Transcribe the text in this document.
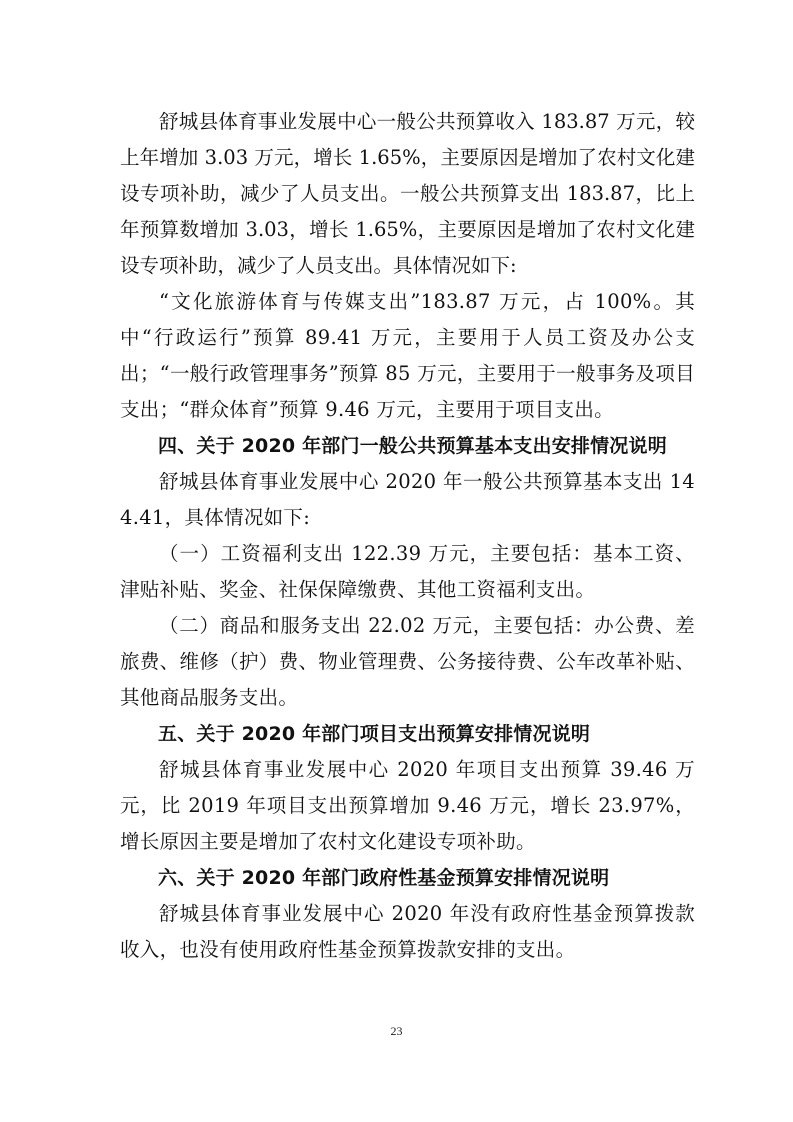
舒城县体育事业发展中心一般公共预算收入 183.87 万元，较上年增加 3.03 万元，增长 1.65%，主要原因是增加了农村文化建设专项补助，减少了人员支出。一般公共预算支出 183.87，比上年预算数增加 3.03，增长 1.65%，主要原因是增加了农村文化建设专项补助，减少了人员支出。具体情况如下:

“文化旅游体育与传媒支出”183.87 万元，占 100%。其中“行政运行”预算 89.41 万元，主要用于人员工资及办公支出；“一般行政管理事务”预算 85 万元，主要用于一般事务及项目支出；“群众体育”预算 9.46 万元，主要用于项目支出。

四、关于 2020 年部门一般公共预算基本支出安排情况说明

舒城县体育事业发展中心 2020 年一般公共预算基本支出 144.41，具体情况如下:

（一）工资福利支出 122.39 万元，主要包括：基本工资、津贴补贴、奖金、社保保障缴费、其他工资福利支出。

（二）商品和服务支出 22.02 万元，主要包括：办公费、差旅费、维修（护）费、物业管理费、公务接待费、公车改革补贴、其他商品服务支出。

五、关于 2020 年部门项目支出预算安排情况说明

舒城县体育事业发展中心 2020 年项目支出预算 39.46 万元，比 2019 年项目支出预算增加 9.46 万元，增长 23.97%，增长原因主要是增加了农村文化建设专项补助。

六、关于 2020 年部门政府性基金预算安排情况说明

舒城县体育事业发展中心 2020 年没有政府性基金预算拨款收入，也没有使用政府性基金预算拨款安排的支出。

23
